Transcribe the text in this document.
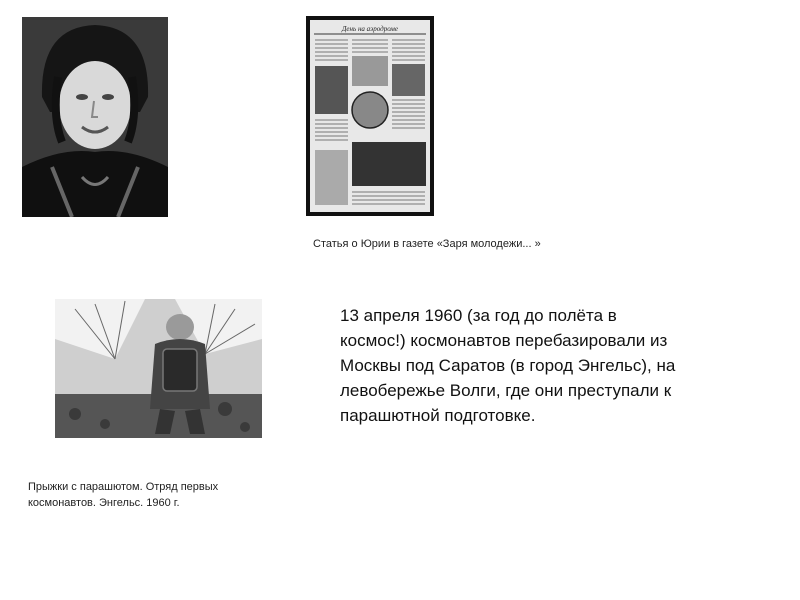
День на аэродроме

Статья о Юрии в газете «Заря молодежи... »

Прыжки с парашютом. Отряд первых космонавтов. Энгельс. 1960 г.

13 апреля 1960 (за год до полёта в космос!) космонавтов перебазировали из Москвы под Саратов (в город Энгельс), на левобережье Волги, где они преступали к парашютной подготовке.
